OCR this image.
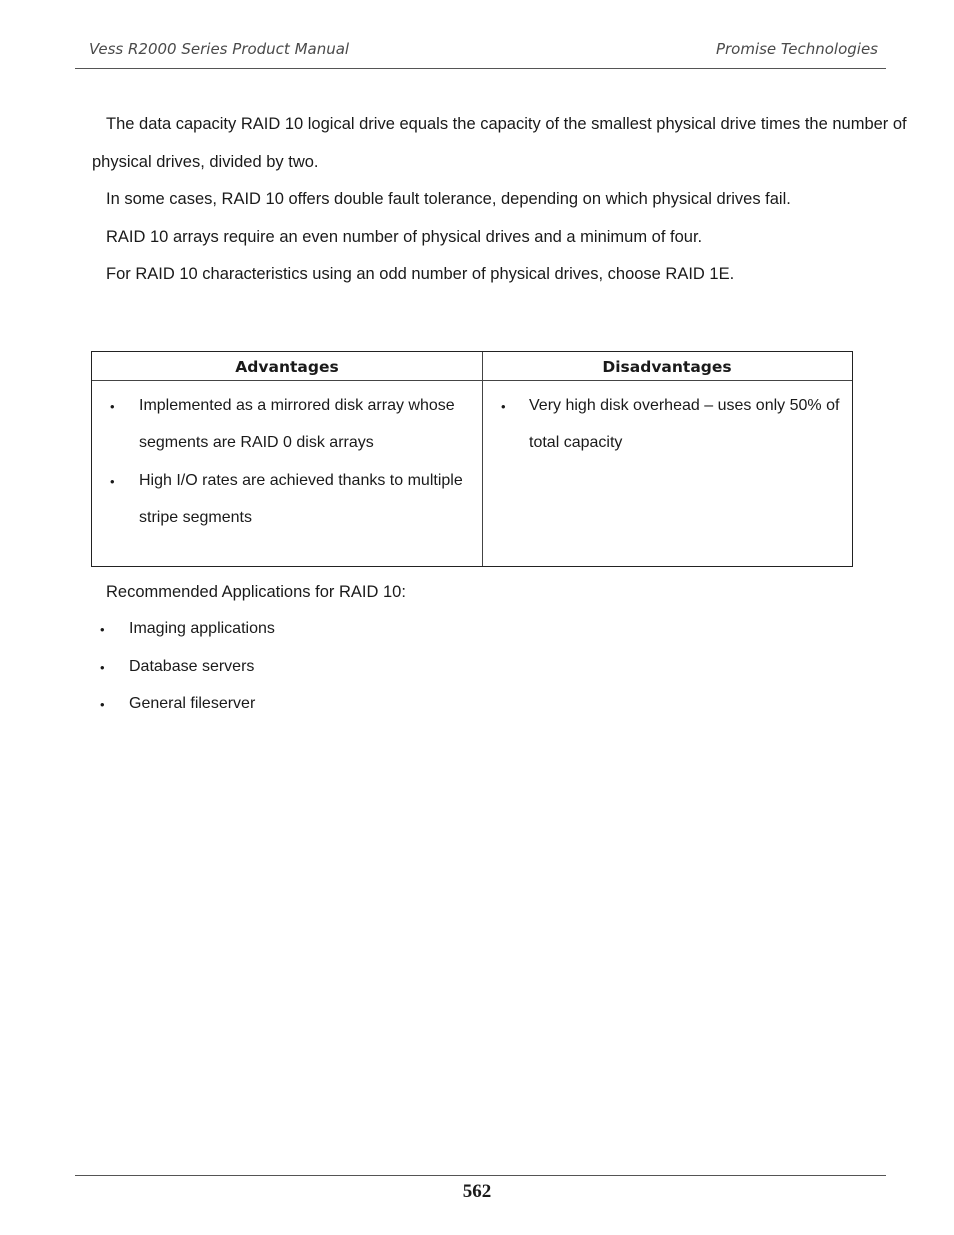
Vess R2000 Series Product Manual	Promise Technologies
The data capacity RAID 10 logical drive equals the capacity of the smallest physical drive times the number of
physical drives, divided by two.
In some cases, RAID 10 offers double fault tolerance, depending on which physical drives fail.
RAID 10 arrays require an even number of physical drives and a minimum of four.
For RAID 10 characteristics using an odd number of physical drives, choose RAID 1E.
Advantages	Disadvantages
• Implemented as a mirrored disk array whose
segments are RAID 0 disk arrays
• High I/O rates are achieved thanks to multiple
stripe segments
• Very high disk overhead – uses only 50% of
total capacity
Recommended Applications for RAID 10:
• Imaging applications
• Database servers
• General fileserver
562
